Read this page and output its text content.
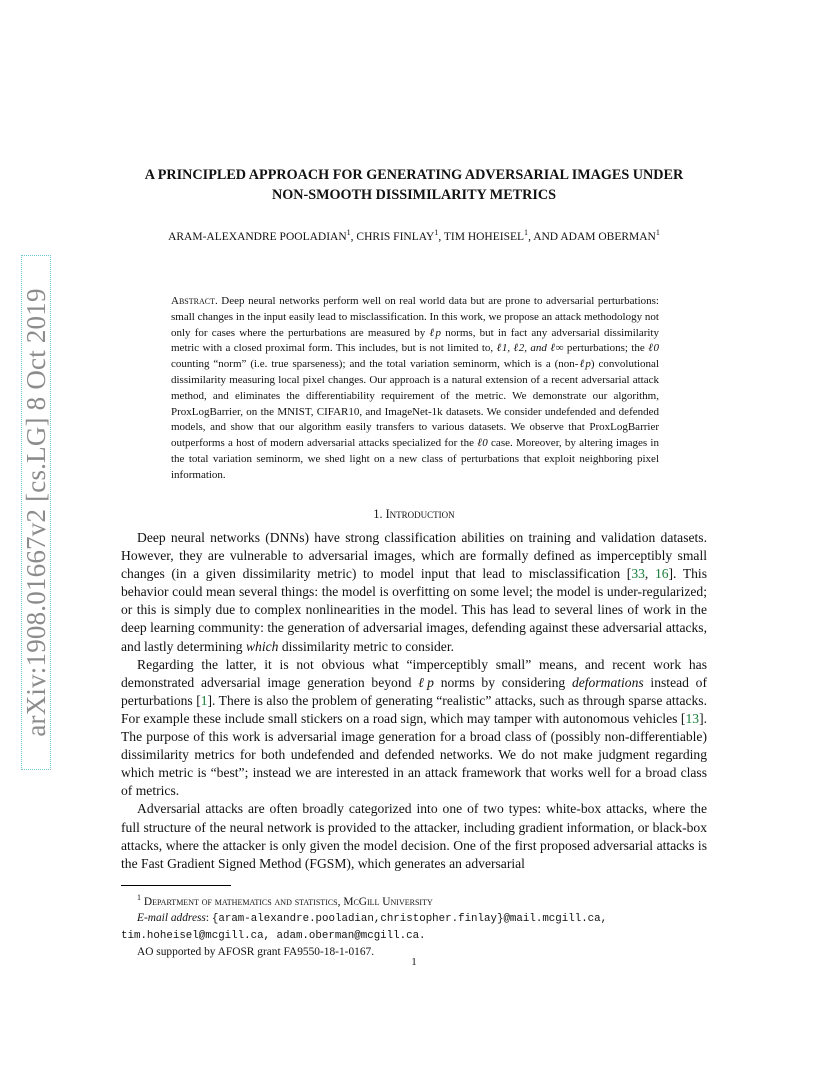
arXiv:1908.01667v2 [cs.LG] 8 Oct 2019
A PRINCIPLED APPROACH FOR GENERATING ADVERSARIAL IMAGES UNDER
NON-SMOOTH DISSIMILARITY METRICS
ARAM-ALEXANDRE POOLADIAN$^1$, CHRIS FINLAY$^1$, TIM HOHEISEL$^1$, AND ADAM OBERMAN$^1$
Abstract. Deep neural networks perform well on real world data but are prone to adversarial perturbations: small changes in the input easily lead to misclassification. In this work, we propose an attack methodology not only for cases where the perturbations are measured by ℓp norms, but in fact any adversarial dissimilarity metric with a closed proximal form. This includes, but is not limited to, ℓ1, ℓ2, and ℓ∞ perturbations; the ℓ0 counting “norm” (i.e. true sparseness); and the total variation seminorm, which is a (non-ℓp) convolutional dissimilarity measuring local pixel changes. Our approach is a natural extension of a recent adversarial attack method, and eliminates the differentiability requirement of the metric. We demonstrate our algorithm, ProxLogBarrier, on the MNIST, CIFAR10, and ImageNet-1k datasets. We consider undefended and defended models, and show that our algorithm easily transfers to various datasets. We observe that ProxLogBarrier outperforms a host of modern adversarial attacks specialized for the ℓ0 case. Moreover, by altering images in the total variation seminorm, we shed light on a new class of perturbations that exploit neighboring pixel information.
1. Introduction

Deep neural networks (DNNs) have strong classification abilities on training and validation datasets. However, they are vulnerable to adversarial images, which are formally defined as imperceptibly small changes (in a given dissimilarity metric) to model input that lead to misclassification [33, 16]. This behavior could mean several things: the model is overfitting on some level; the model is under-regularized; or this is simply due to complex nonlinearities in the model. This has lead to several lines of work in the deep learning community: the generation of adversarial images, defending against these adversarial attacks, and lastly determining which dissimilarity metric to consider.

Regarding the latter, it is not obvious what “imperceptibly small” means, and recent work has demonstrated adversarial image generation beyond ℓp norms by considering deformations instead of perturbations [1]. There is also the problem of generating “realistic” attacks, such as through sparse attacks. For example these include small stickers on a road sign, which may tamper with autonomous vehicles [13]. The purpose of this work is adversarial image generation for a broad class of (possibly non-differentiable) dissimilarity metrics for both undefended and defended networks. We do not make judgment regarding which metric is “best”; instead we are interested in an attack framework that works well for a broad class of metrics.

Adversarial attacks are often broadly categorized into one of two types: white-box attacks, where the full structure of the neural network is provided to the attacker, including gradient information, or black-box attacks, where the attacker is only given the model decision. One of the first proposed adversarial attacks is the Fast Gradient Signed Method (FGSM), which generates an adversarial

$^1$ Department of mathematics and statistics, McGill University
E-mail address: {aram-alexandre.pooladian,christopher.finlay}@mail.mcgill.ca,
tim.hoheisel@mcgill.ca, adam.oberman@mcgill.ca.
AO supported by AFOSR grant FA9550-18-1-0167.
1
